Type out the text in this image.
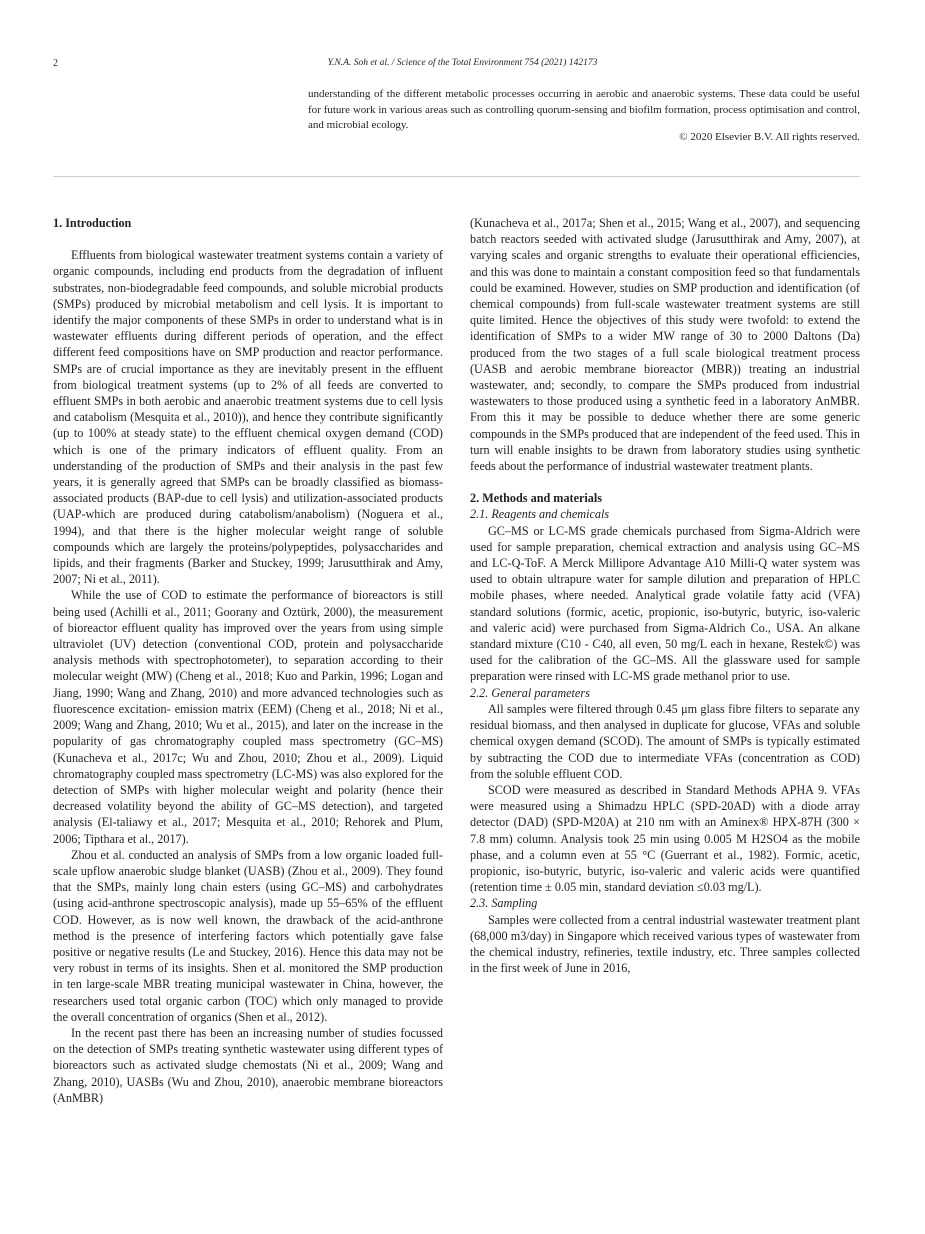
2	Y.N.A. Soh et al. / Science of the Total Environment 754 (2021) 142173
understanding of the different metabolic processes occurring in aerobic and anaerobic systems. These data could be useful for future work in various areas such as controlling quorum-sensing and biofilm formation, process optimisation and control, and microbial ecology.
© 2020 Elsevier B.V. All rights reserved.

1. Introduction

Effluents from biological wastewater treatment systems contain a variety of organic compounds, including end products from the degradation of influent substrates, non-biodegradable feed compounds, and soluble microbial products (SMPs) produced by microbial metabolism and cell lysis. It is important to identify the major components of these SMPs in order to understand what is in wastewater effluents during different periods of operation, and the effect different feed compositions have on SMP production and reactor performance. SMPs are of crucial importance as they are inevitably present in the effluent from biological treatment systems (up to 2% of all feeds are converted to effluent SMPs in both aerobic and anaerobic treatment systems due to cell lysis and catabolism (Mesquita et al., 2010)), and hence they contribute significantly (up to 100% at steady state) to the effluent chemical oxygen demand (COD) which is one of the primary indicators of effluent quality. From an understanding of the production of SMPs and their analysis in the past few years, it is generally agreed that SMPs can be broadly classified as biomass-associated products (BAP-due to cell lysis) and utilization-associated products (UAP-which are produced during catabolism/anabolism) (Noguera et al., 1994), and that there is the higher molecular weight range of soluble compounds which are largely the proteins/polypeptides, polysaccharides and lipids, and their fragments (Barker and Stuckey, 1999; Jarusutthirak and Amy, 2007; Ni et al., 2011).

While the use of COD to estimate the performance of bioreactors is still being used (Achilli et al., 2011; Goorany and Oztürk, 2000), the measurement of bioreactor effluent quality has improved over the years from using simple ultraviolet (UV) detection (conventional COD, protein and polysaccharide analysis methods with spectrophotometer), to separation according to their molecular weight (MW) (Cheng et al., 2018; Kuo and Parkin, 1996; Logan and Jiang, 1990; Wang and Zhang, 2010) and more advanced technologies such as fluorescence excitation- emission matrix (EEM) (Cheng et al., 2018; Ni et al., 2009; Wang and Zhang, 2010; Wu et al., 2015), and later on the increase in the popularity of gas chromatography coupled mass spectrometry (GC–MS) (Kunacheva et al., 2017c; Wu and Zhou, 2010; Zhou et al., 2009). Liquid chromatography coupled mass spectrometry (LC-MS) was also explored for the detection of SMPs with higher molecular weight and polarity (hence their decreased volatility beyond the ability of GC–MS detection), and targeted analysis (El-taliawy et al., 2017; Mesquita et al., 2010; Rehorek and Plum, 2006; Tipthara et al., 2017).

Zhou et al. conducted an analysis of SMPs from a low organic loaded full-scale upflow anaerobic sludge blanket (UASB) (Zhou et al., 2009). They found that the SMPs, mainly long chain esters (using GC–MS) and carbohydrates (using acid-anthrone spectroscopic analysis), made up 55–65% of the effluent COD. However, as is now well known, the drawback of the acid-anthrone method is the presence of interfering factors which potentially gave false positive or negative results (Le and Stuckey, 2016). Hence this data may not be very robust in terms of its insights. Shen et al. monitored the SMP production in ten large-scale MBR treating municipal wastewater in China, however, the researchers used total organic carbon (TOC) which only managed to provide the overall concentration of organics (Shen et al., 2012).

In the recent past there has been an increasing number of studies focussed on the detection of SMPs treating synthetic wastewater using different types of bioreactors such as activated sludge chemostats (Ni et al., 2009; Wang and Zhang, 2010), UASBs (Wu and Zhou, 2010), anaerobic membrane bioreactors (AnMBR)

(Kunacheva et al., 2017a; Shen et al., 2015; Wang et al., 2007), and sequencing batch reactors seeded with activated sludge (Jarusutthirak and Amy, 2007), at varying scales and organic strengths to evaluate their operational efficiencies, and this was done to maintain a constant composition feed so that fundamentals could be examined. However, studies on SMP production and identification (of chemical compounds) from full-scale wastewater treatment systems are still quite limited. Hence the objectives of this study were twofold: to extend the identification of SMPs to a wider MW range of 30 to 2000 Daltons (Da) produced from the two stages of a full scale biological treatment process (UASB and aerobic membrane bioreactor (MBR)) treating an industrial wastewater, and; secondly, to compare the SMPs produced from industrial wastewaters to those produced using a synthetic feed in a laboratory AnMBR. From this it may be possible to deduce whether there are some generic compounds in the SMPs produced that are independent of the feed used. This in turn will enable insights to be drawn from laboratory studies using synthetic feeds about the performance of industrial wastewater treatment plants.

2. Methods and materials

2.1. Reagents and chemicals

GC–MS or LC-MS grade chemicals purchased from Sigma-Aldrich were used for sample preparation, chemical extraction and analysis using GC–MS and LC-Q-ToF. A Merck Millipore Advantage A10 Milli-Q water system was used to obtain ultrapure water for sample dilution and preparation of HPLC mobile phases, where needed. Analytical grade volatile fatty acid (VFA) standard solutions (formic, acetic, propionic, iso-butyric, butyric, iso-valeric and valeric acid) were purchased from Sigma-Aldrich Co., USA. An alkane standard mixture (C10 - C40, all even, 50 mg/L each in hexane, Restek©) was used for the calibration of the GC–MS. All the glassware used for sample preparation were rinsed with LC-MS grade methanol prior to use.

2.2. General parameters

All samples were filtered through 0.45 μm glass fibre filters to separate any residual biomass, and then analysed in duplicate for glucose, VFAs and soluble chemical oxygen demand (SCOD). The amount of SMPs is typically estimated by subtracting the COD due to intermediate VFAs (concentration as COD) from the soluble effluent COD.

SCOD were measured as described in Standard Methods APHA 9. VFAs were measured using a Shimadzu HPLC (SPD-20AD) with a diode array detector (DAD) (SPD-M20A) at 210 nm with an Aminex® HPX-87H (300 × 7.8 mm) column. Analysis took 25 min using 0.005 M H2SO4 as the mobile phase, and a column even at 55 °C (Guerrant et al., 1982). Formic, acetic, propionic, iso-butyric, butyric, iso-valeric and valeric acids were quantified (retention time ± 0.05 min, standard deviation ≤0.03 mg/L).

2.3. Sampling

Samples were collected from a central industrial wastewater treatment plant (68,000 m3/day) in Singapore which received various types of wastewater from the chemical industry, refineries, textile industry, etc. Three samples collected in the first week of June in 2016,
